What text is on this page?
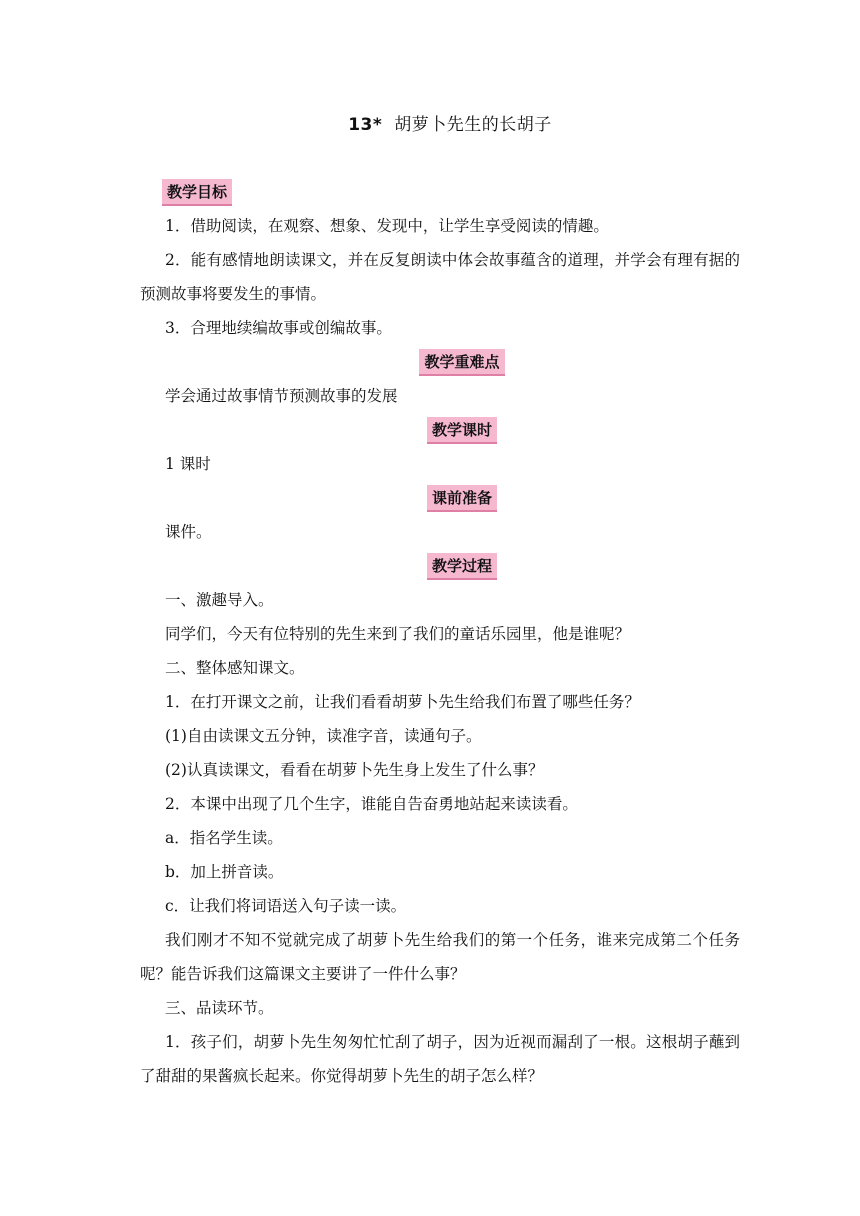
13* 胡萝卜先生的长胡子
教学目标

1．借助阅读，在观察、想象、发现中，让学生享受阅读的情趣。

2．能有感情地朗读课文，并在反复朗读中体会故事蕴含的道理，并学会有理有据的预测故事将要发生的事情。

3．合理地续编故事或创编故事。

教学重难点

学会通过故事情节预测故事的发展

教学课时

1 课时

课前准备

课件。

教学过程

一、激趣导入。

同学们，今天有位特别的先生来到了我们的童话乐园里，他是谁呢？

二、整体感知课文。

1．在打开课文之前，让我们看看胡萝卜先生给我们布置了哪些任务？

(1)自由读课文五分钟，读准字音，读通句子。

(2)认真读课文，看看在胡萝卜先生身上发生了什么事？

2．本课中出现了几个生字，谁能自告奋勇地站起来读读看。

a．指名学生读。

b．加上拼音读。

c．让我们将词语送入句子读一读。

我们刚才不知不觉就完成了胡萝卜先生给我们的第一个任务，谁来完成第二个任务呢？能告诉我们这篇课文主要讲了一件什么事？

三、品读环节。

1．孩子们，胡萝卜先生匆匆忙忙刮了胡子，因为近视而漏刮了一根。这根胡子蘸到了甜甜的果酱疯长起来。你觉得胡萝卜先生的胡子怎么样？
